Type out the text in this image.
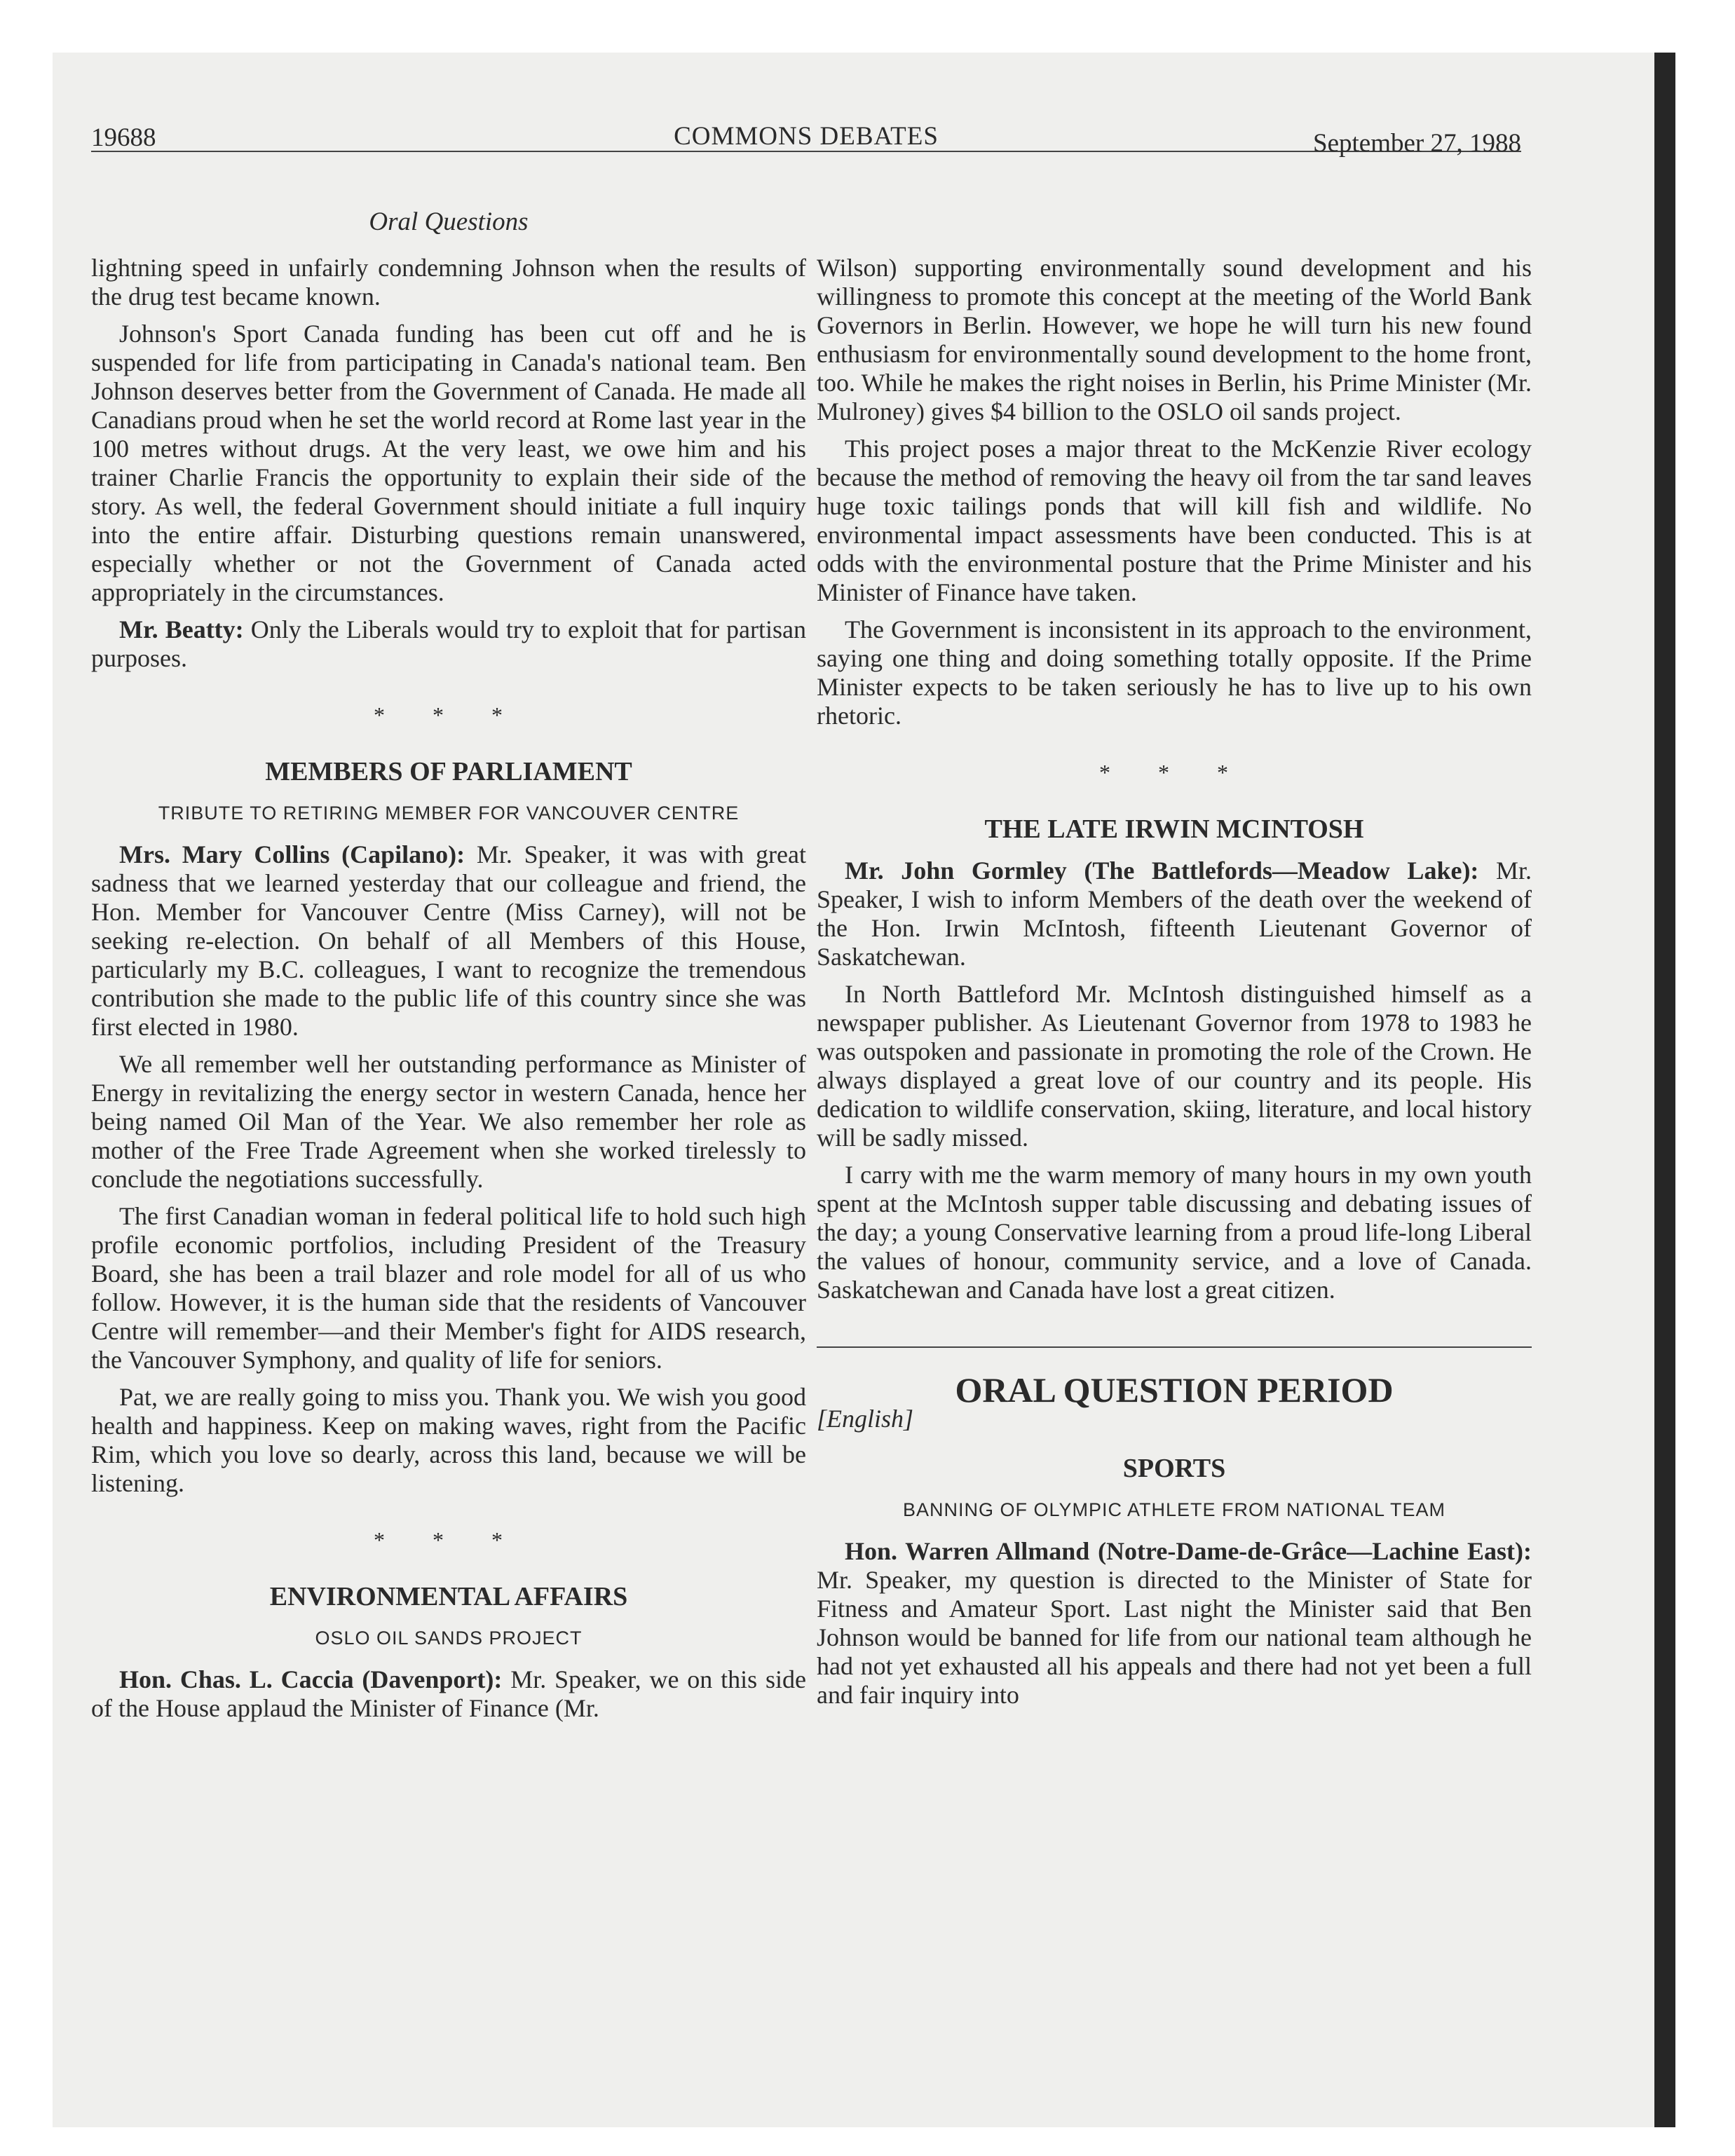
19688	COMMONS DEBATES	September 27, 1988
Oral Questions

lightning speed in unfairly condemning Johnson when the results of the drug test became known.

Johnson's Sport Canada funding has been cut off and he is suspended for life from participating in Canada's national team. Ben Johnson deserves better from the Government of Canada. He made all Canadians proud when he set the world record at Rome last year in the 100 metres without drugs. At the very least, we owe him and his trainer Charlie Francis the opportunity to explain their side of the story. As well, the federal Government should initiate a full inquiry into the entire affair. Disturbing questions remain unanswered, especially whether or not the Government of Canada acted appropriately in the circumstances.

Mr. Beatty: Only the Liberals would try to exploit that for partisan purposes.

* * *
MEMBERS OF PARLIAMENT
TRIBUTE TO RETIRING MEMBER FOR VANCOUVER CENTRE

Mrs. Mary Collins (Capilano): Mr. Speaker, it was with great sadness that we learned yesterday that our colleague and friend, the Hon. Member for Vancouver Centre (Miss Carney), will not be seeking re-election. On behalf of all Members of this House, particularly my B.C. colleagues, I want to recognize the tremendous contribution she made to the public life of this country since she was first elected in 1980.

We all remember well her outstanding performance as Minister of Energy in revitalizing the energy sector in western Canada, hence her being named Oil Man of the Year. We also remember her role as mother of the Free Trade Agreement when she worked tirelessly to conclude the negotiations successfully.

The first Canadian woman in federal political life to hold such high profile economic portfolios, including President of the Treasury Board, she has been a trail blazer and role model for all of us who follow. However, it is the human side that the residents of Vancouver Centre will remember—and their Member's fight for AIDS research, the Vancouver Symphony, and quality of life for seniors.

Pat, we are really going to miss you. Thank you. We wish you good health and happiness. Keep on making waves, right from the Pacific Rim, which you love so dearly, across this land, because we will be listening.

* * *
ENVIRONMENTAL AFFAIRS
OSLO OIL SANDS PROJECT

Hon. Chas. L. Caccia (Davenport): Mr. Speaker, we on this side of the House applaud the Minister of Finance (Mr.

Wilson) supporting environmentally sound development and his willingness to promote this concept at the meeting of the World Bank Governors in Berlin. However, we hope he will turn his new found enthusiasm for environmentally sound development to the home front, too. While he makes the right noises in Berlin, his Prime Minister (Mr. Mulroney) gives $4 billion to the OSLO oil sands project.

This project poses a major threat to the McKenzie River ecology because the method of removing the heavy oil from the tar sand leaves huge toxic tailings ponds that will kill fish and wildlife. No environmental impact assessments have been conducted. This is at odds with the environmental posture that the Prime Minister and his Minister of Finance have taken.

The Government is inconsistent in its approach to the environment, saying one thing and doing something totally opposite. If the Prime Minister expects to be taken seriously he has to live up to his own rhetoric.

* * *
THE LATE IRWIN MCINTOSH

Mr. John Gormley (The Battlefords—Meadow Lake): Mr. Speaker, I wish to inform Members of the death over the weekend of the Hon. Irwin McIntosh, fifteenth Lieutenant Governor of Saskatchewan.

In North Battleford Mr. McIntosh distinguished himself as a newspaper publisher. As Lieutenant Governor from 1978 to 1983 he was outspoken and passionate in promoting the role of the Crown. He always displayed a great love of our country and its people. His dedication to wildlife conservation, skiing, literature, and local history will be sadly missed.

I carry with me the warm memory of many hours in my own youth spent at the McIntosh supper table discussing and debating issues of the day; a young Conservative learning from a proud life-long Liberal the values of honour, community service, and a love of Canada. Saskatchewan and Canada have lost a great citizen.

ORAL QUESTION PERIOD
[English]
SPORTS
BANNING OF OLYMPIC ATHLETE FROM NATIONAL TEAM

Hon. Warren Allmand (Notre-Dame-de-Grâce—Lachine East): Mr. Speaker, my question is directed to the Minister of State for Fitness and Amateur Sport. Last night the Minister said that Ben Johnson would be banned for life from our national team although he had not yet exhausted all his appeals and there had not yet been a full and fair inquiry into
